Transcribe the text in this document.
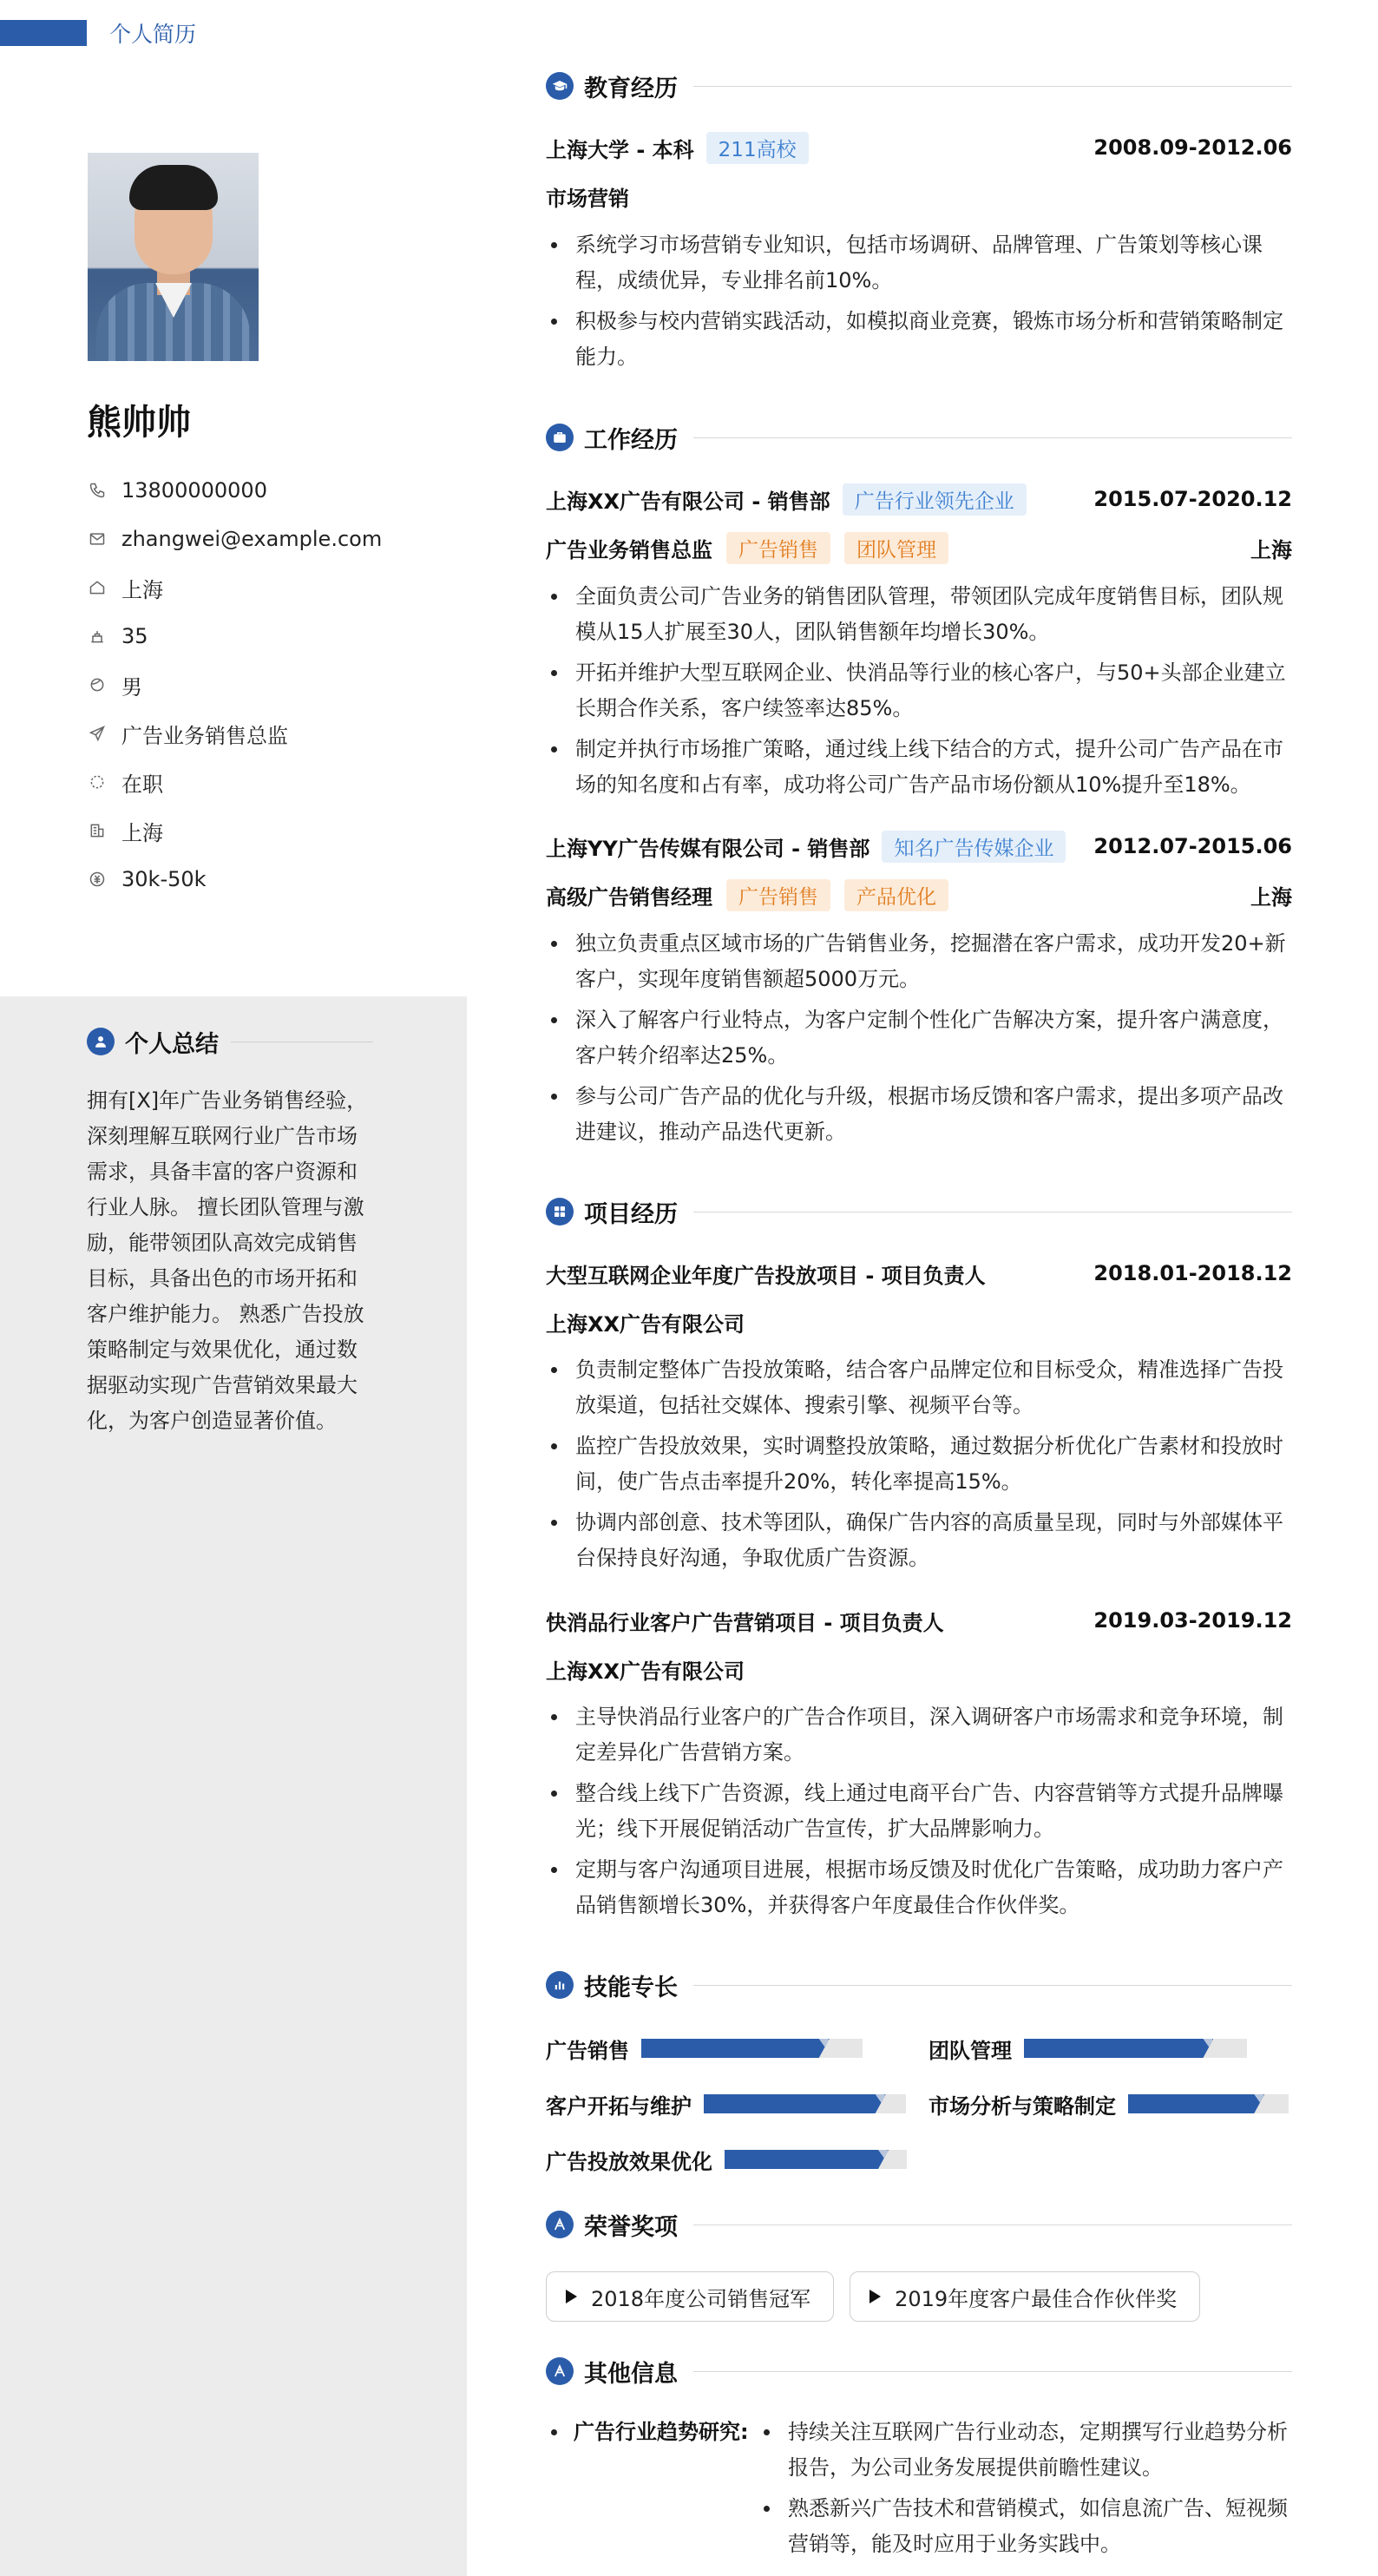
个人简历
熊帅帅
13800000000
zhangwei@example.com
上海
35
男
广告业务销售总监
在职
上海
30k-50k
个人总结
拥有[X]年广告业务销售经验，深刻理解互联网行业广告市场需求，具备丰富的客户资源和行业人脉。 擅长团队管理与激励，能带领团队高效完成销售目标，具备出色的市场开拓和客户维护能力。 熟悉广告投放策略制定与效果优化，通过数据驱动实现广告营销效果最大化，为客户创造显著价值。
教育经历
上海大学 - 本科	211高校	2008.09-2012.06
市场营销
系统学习市场营销专业知识，包括市场调研、品牌管理、广告策划等核心课程，成绩优异，专业排名前10%。
积极参与校内营销实践活动，如模拟商业竞赛，锻炼市场分析和营销策略制定能力。
工作经历
上海XX广告有限公司 - 销售部	广告行业领先企业	2015.07-2020.12
广告业务销售总监	广告销售	团队管理	上海
全面负责公司广告业务的销售团队管理，带领团队完成年度销售目标，团队规模从15人扩展至30人，团队销售额年均增长30%。
开拓并维护大型互联网企业、快消品等行业的核心客户，与50+头部企业建立长期合作关系，客户续签率达85%。
制定并执行市场推广策略，通过线上线下结合的方式，提升公司广告产品在市场的知名度和占有率，成功将公司广告产品市场份额从10%提升至18%。
上海YY广告传媒有限公司 - 销售部	知名广告传媒企业	2012.07-2015.06
高级广告销售经理	广告销售	产品优化	上海
独立负责重点区域市场的广告销售业务，挖掘潜在客户需求，成功开发20+新客户，实现年度销售额超5000万元。
深入了解客户行业特点，为客户定制个性化广告解决方案，提升客户满意度，客户转介绍率达25%。
参与公司广告产品的优化与升级，根据市场反馈和客户需求，提出多项产品改进建议，推动产品迭代更新。
项目经历
大型互联网企业年度广告投放项目 - 项目负责人	2018.01-2018.12
上海XX广告有限公司
负责制定整体广告投放策略，结合客户品牌定位和目标受众，精准选择广告投放渠道，包括社交媒体、搜索引擎、视频平台等。
监控广告投放效果，实时调整投放策略，通过数据分析优化广告素材和投放时间，使广告点击率提升20%，转化率提高15%。
协调内部创意、技术等团队，确保广告内容的高质量呈现，同时与外部媒体平台保持良好沟通，争取优质广告资源。
快消品行业客户广告营销项目 - 项目负责人	2019.03-2019.12
上海XX广告有限公司
主导快消品行业客户的广告合作项目，深入调研客户市场需求和竞争环境，制定差异化广告营销方案。
整合线上线下广告资源，线上通过电商平台广告、内容营销等方式提升品牌曝光；线下开展促销活动广告宣传，扩大品牌影响力。
定期与客户沟通项目进展，根据市场反馈及时优化广告策略，成功助力客户产品销售额增长30%，并获得客户年度最佳合作伙伴奖。
技能专长
广告销售	团队管理
客户开拓与维护	市场分析与策略制定
广告投放效果优化
荣誉奖项
2018年度公司销售冠军	2019年度客户最佳合作伙伴奖
其他信息
广告行业趋势研究:	持续关注互联网广告行业动态，定期撰写行业趋势分析报告，为公司业务发展提供前瞻性建议。
熟悉新兴广告技术和营销模式，如信息流广告、短视频营销等，能及时应用于业务实践中。
